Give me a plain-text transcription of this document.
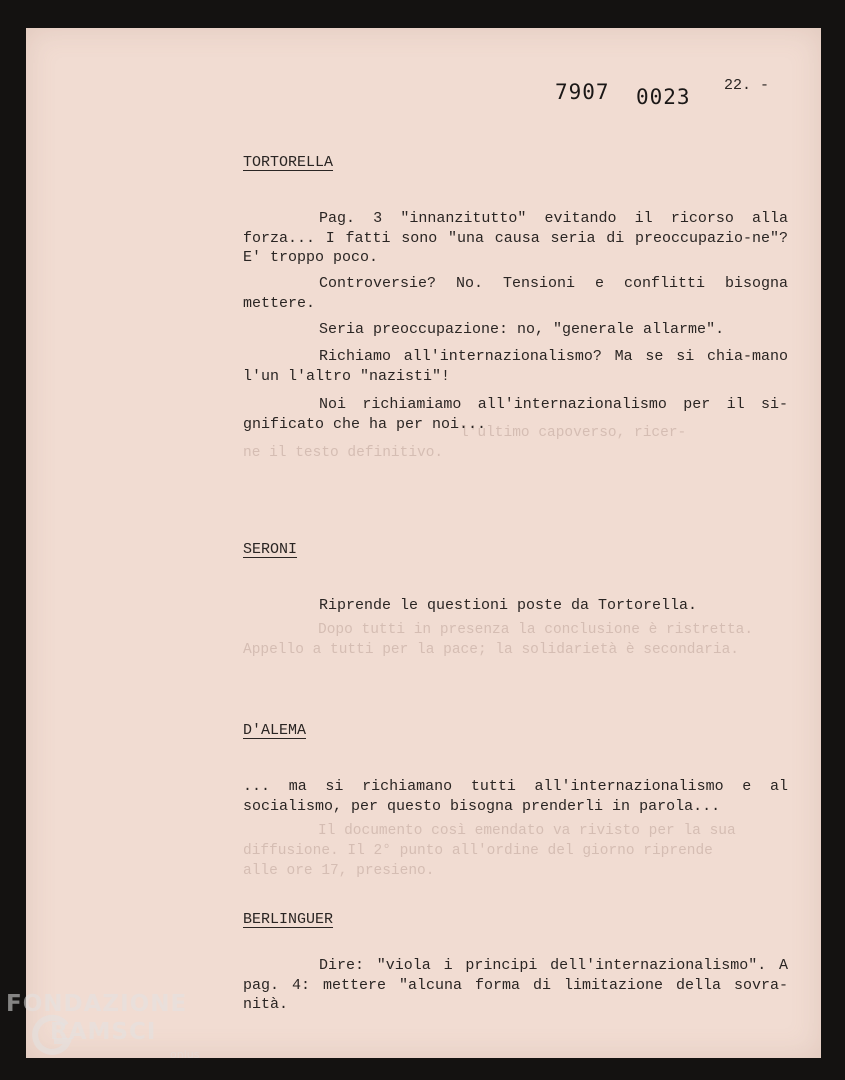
l'ultimo capoverso, ricer-
ne il testo definitivo.
Dopo tutti in presenza la conclusione è ristretta.
Appello a tutti per la pace; la solidarietà è secondaria.
Il documento così emendato va rivisto per la sua
diffusione. Il 2° punto all'ordine del giorno riprende
alle ore 17, presieno.
7907 0023 22. -
TORTORELLA
Pag. 3 "innanzitutto" evitando il ricorso alla forza... I fatti sono "una causa seria di preoccupazio-ne"? E' troppo poco.
Controversie? No. Tensioni e conflitti bisogna mettere.
Seria preoccupazione: no, "generale allarme".
Richiamo all'internazionalismo? Ma se si chia-mano l'un l'altro "nazisti"!
Noi richiamiamo all'internazionalismo per il si-gnificato che ha per noi...
SERONI
Riprende le questioni poste da Tortorella.
D'ALEMA
... ma si richiamano tutti all'internazionalismo e al socialismo, per questo bisogna prenderli in parola...
BERLINGUER
Dire: "viola i principi dell'internazionalismo". A pag. 4: mettere "alcuna forma di limitazione della sovra-nità.
FONDAZIONE
RAMSCI
onlus
